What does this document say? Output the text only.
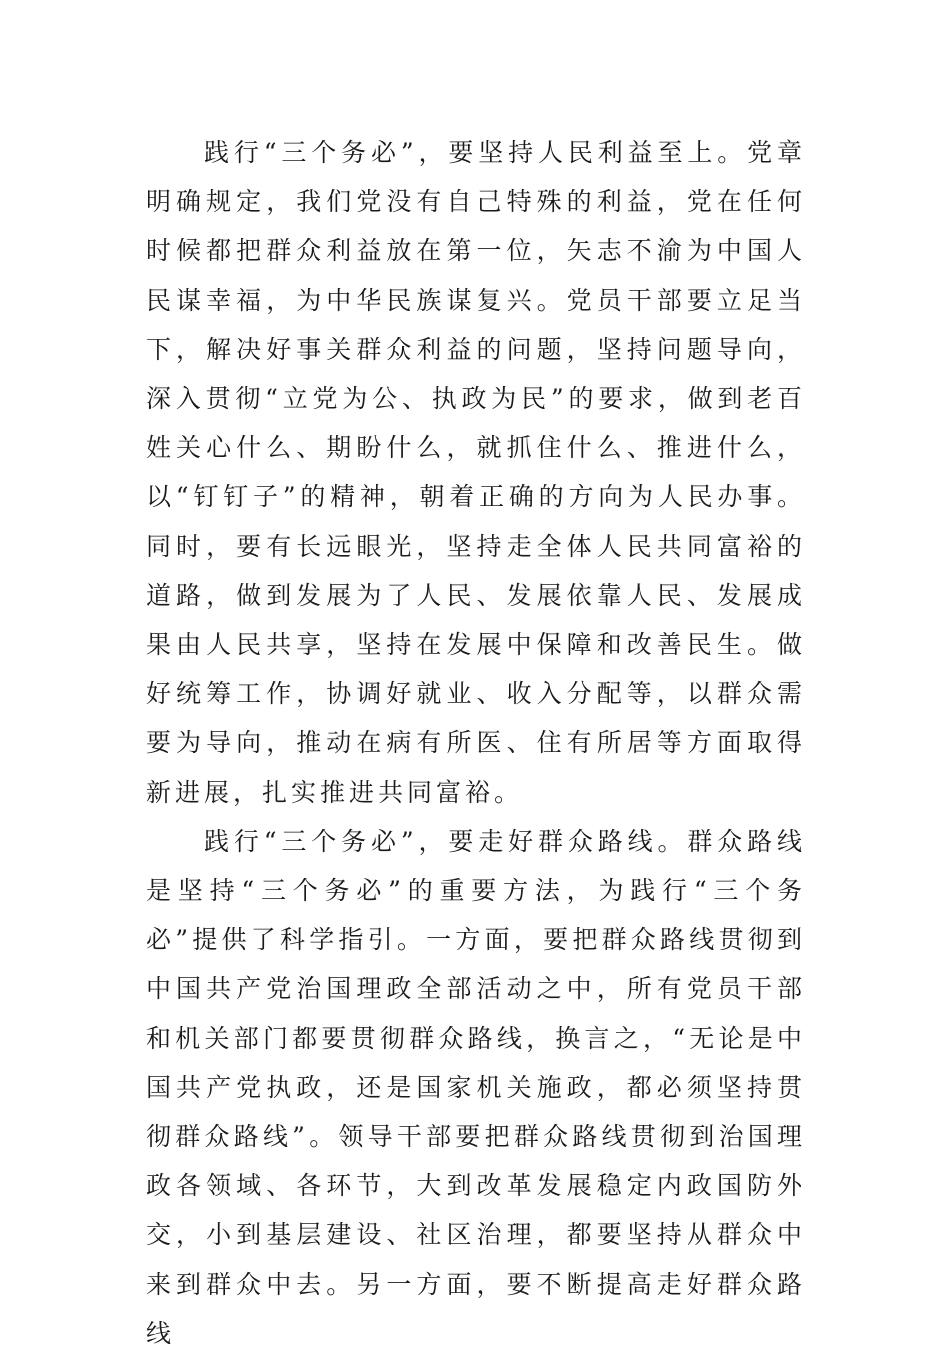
践行“三个务必”，要坚持人民利益至上。党章明确规定，我们党没有自己特殊的利益，党在任何时候都把群众利益放在第一位，矢志不渝为中国人民谋幸福，为中华民族谋复兴。党员干部要立足当下，解决好事关群众利益的问题，坚持问题导向，深入贯彻“立党为公、执政为民”的要求，做到老百姓关心什么、期盼什么，就抓住什么、推进什么，以“钉钉子”的精神，朝着正确的方向为人民办事。同时，要有长远眼光，坚持走全体人民共同富裕的道路，做到发展为了人民、发展依靠人民、发展成果由人民共享，坚持在发展中保障和改善民生。做好统筹工作，协调好就业、收入分配等，以群众需要为导向，推动在病有所医、住有所居等方面取得新进展，扎实推进共同富裕。

践行“三个务必”，要走好群众路线。群众路线是坚持“三个务必”的重要方法，为践行“三个务必”提供了科学指引。一方面，要把群众路线贯彻到中国共产党治国理政全部活动之中，所有党员干部和机关部门都要贯彻群众路线，换言之，“无论是中国共产党执政，还是国家机关施政，都必须坚持贯彻群众路线”。领导干部要把群众路线贯彻到治国理政各领域、各环节，大到改革发展稳定内政国防外交，小到基层建设、社区治理，都要坚持从群众中来到群众中去。另一方面，要不断提高走好群众路线
